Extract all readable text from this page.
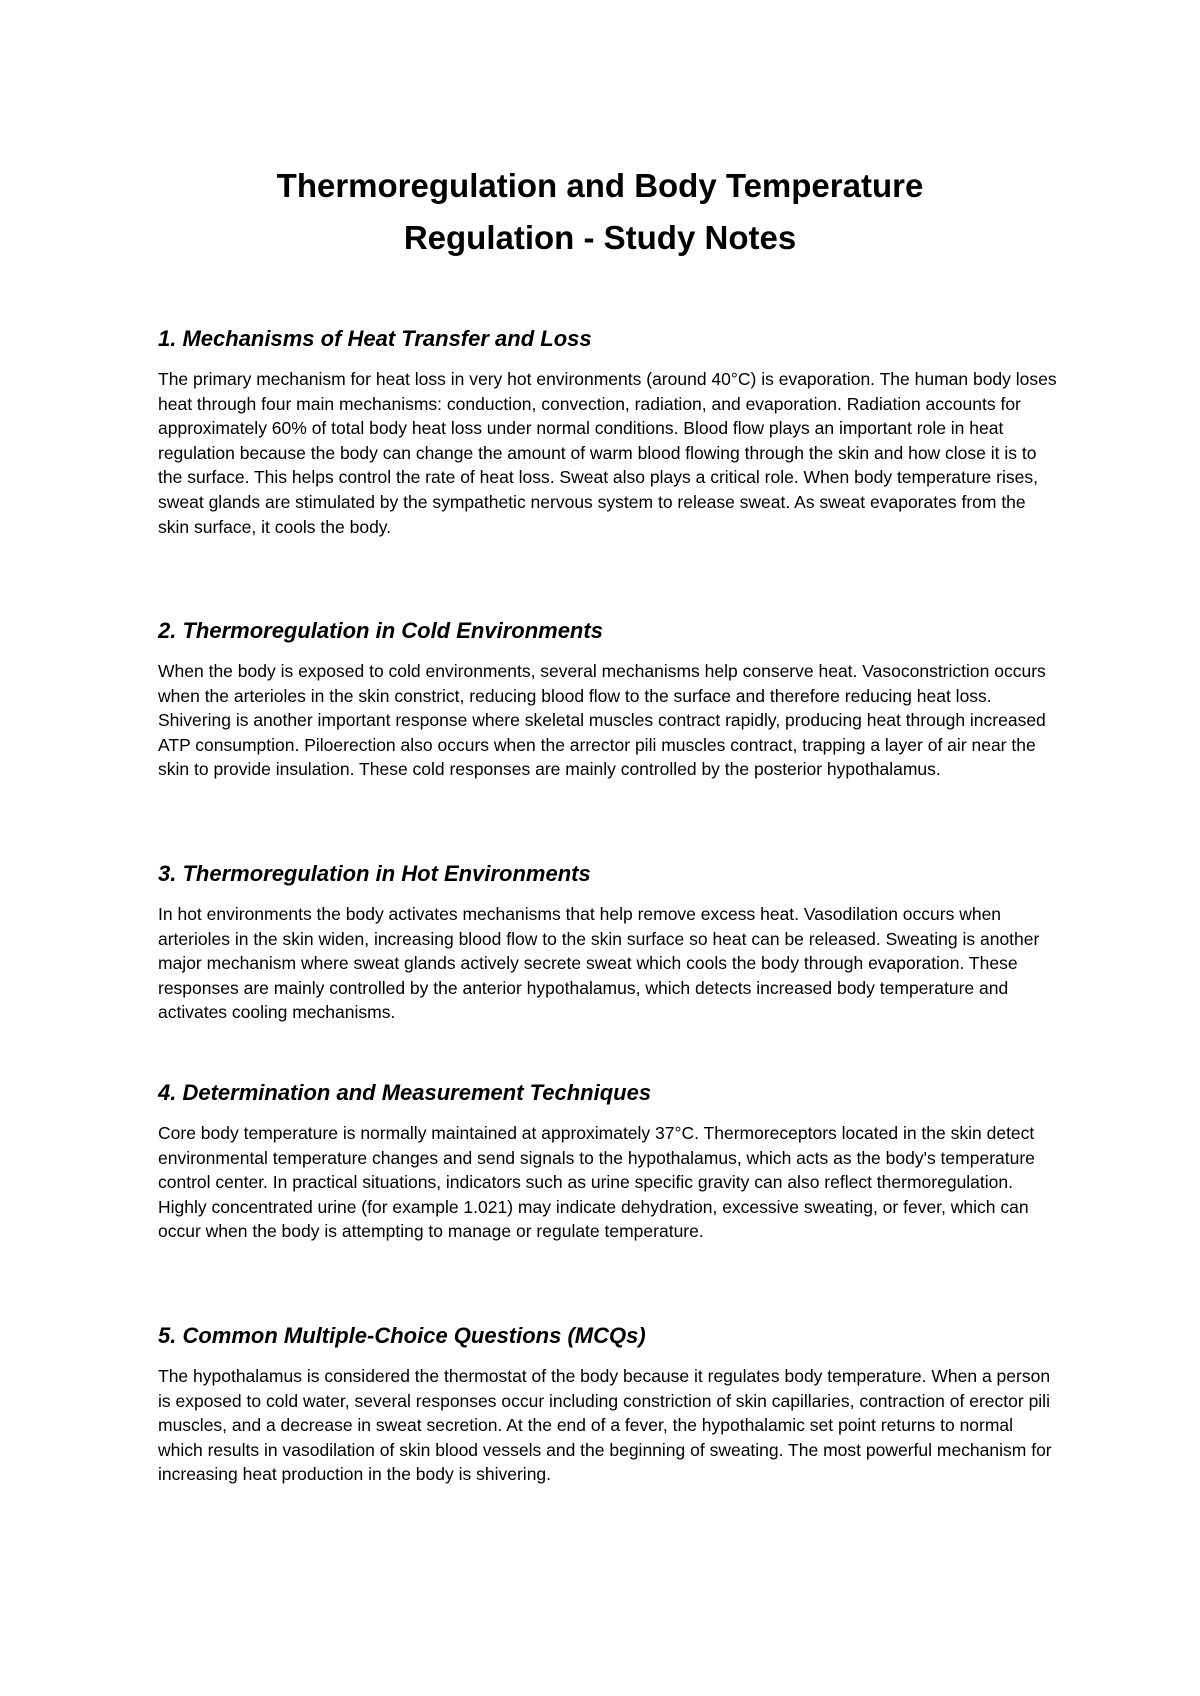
Thermoregulation and Body Temperature
Regulation - Study Notes
1. Mechanisms of Heat Transfer and Loss

The primary mechanism for heat loss in very hot environments (around 40°C) is evaporation. The human body loses heat through four main mechanisms: conduction, convection, radiation, and evaporation. Radiation accounts for approximately 60% of total body heat loss under normal conditions. Blood flow plays an important role in heat regulation because the body can change the amount of warm blood flowing through the skin and how close it is to the surface. This helps control the rate of heat loss. Sweat also plays a critical role. When body temperature rises, sweat glands are stimulated by the sympathetic nervous system to release sweat. As sweat evaporates from the skin surface, it cools the body.

2. Thermoregulation in Cold Environments

When the body is exposed to cold environments, several mechanisms help conserve heat. Vasoconstriction occurs when the arterioles in the skin constrict, reducing blood flow to the surface and therefore reducing heat loss. Shivering is another important response where skeletal muscles contract rapidly, producing heat through increased ATP consumption. Piloerection also occurs when the arrector pili muscles contract, trapping a layer of air near the skin to provide insulation. These cold responses are mainly controlled by the posterior hypothalamus.

3. Thermoregulation in Hot Environments

In hot environments the body activates mechanisms that help remove excess heat. Vasodilation occurs when arterioles in the skin widen, increasing blood flow to the skin surface so heat can be released. Sweating is another major mechanism where sweat glands actively secrete sweat which cools the body through evaporation. These responses are mainly controlled by the anterior hypothalamus, which detects increased body temperature and activates cooling mechanisms.

4. Determination and Measurement Techniques

Core body temperature is normally maintained at approximately 37°C. Thermoreceptors located in the skin detect environmental temperature changes and send signals to the hypothalamus, which acts as the body's temperature control center. In practical situations, indicators such as urine specific gravity can also reflect thermoregulation. Highly concentrated urine (for example 1.021) may indicate dehydration, excessive sweating, or fever, which can occur when the body is attempting to manage or regulate temperature.

5. Common Multiple-Choice Questions (MCQs)

The hypothalamus is considered the thermostat of the body because it regulates body temperature. When a person is exposed to cold water, several responses occur including constriction of skin capillaries, contraction of erector pili muscles, and a decrease in sweat secretion. At the end of a fever, the hypothalamic set point returns to normal which results in vasodilation of skin blood vessels and the beginning of sweating. The most powerful mechanism for increasing heat production in the body is shivering.
